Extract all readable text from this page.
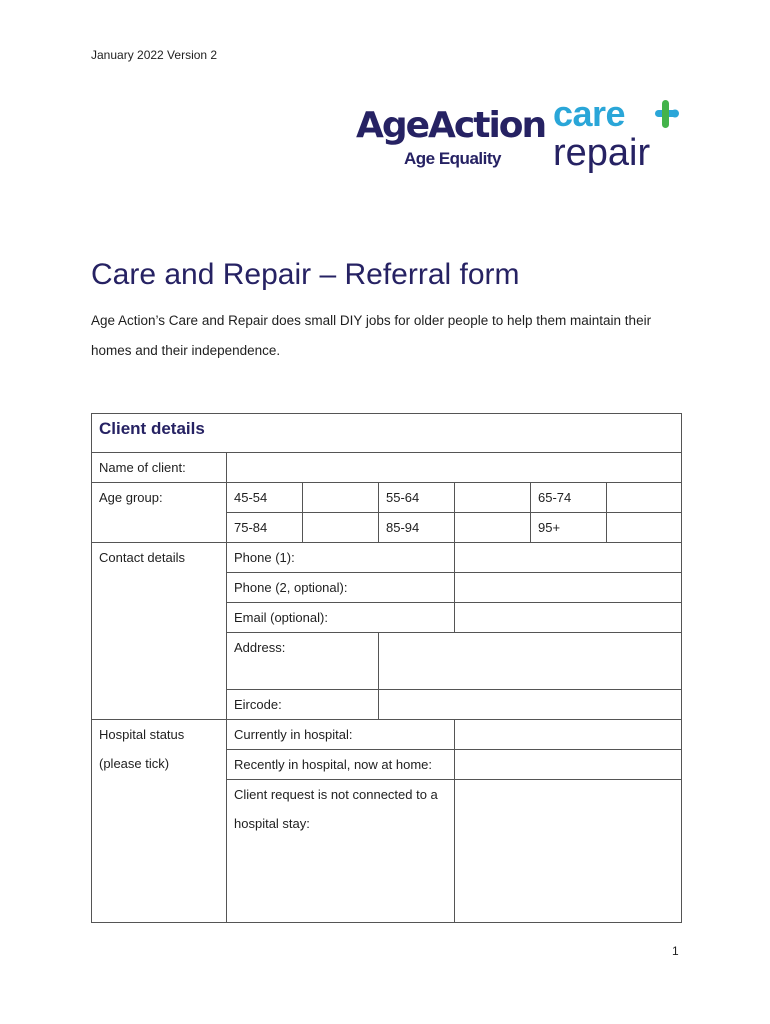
January 2022 Version 2
AgeAction
Age Equality
care
repair
Care and Repair – Referral form

Age Action’s Care and Repair does small DIY jobs for older people to help them maintain their homes and their independence.

Client details						
Name of client:						
Age group:	45-54		55-64		65-74	
	75-84		85-94		95+	
Contact details	Phone (1):					
	Phone (2, optional):					
	Email (optional):					
	Address:					
	Eircode:					

Hospital status
(please tick)	Currently in hospital:					
	Recently in hospital, now at home:					
	Client request is not connected to a hospital stay:					
1
